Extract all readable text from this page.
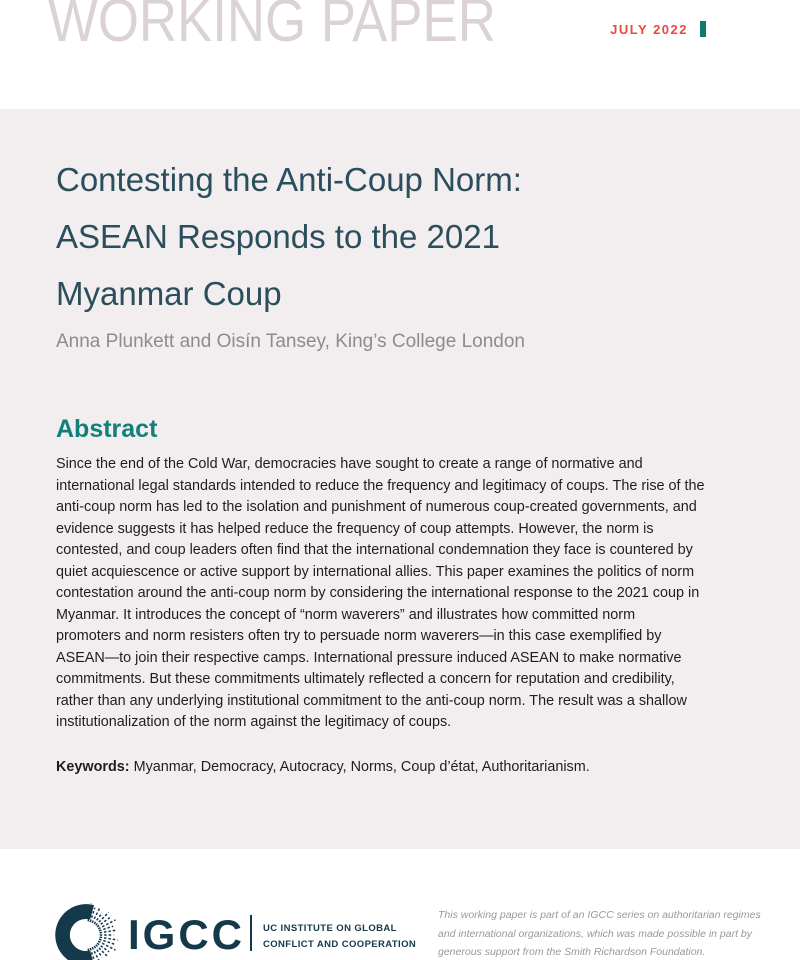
WORKING PAPER	JULY 2022
Contesting the Anti-Coup Norm:
ASEAN Responds to the 2021
Myanmar Coup

Anna Plunkett and Oisín Tansey, King’s College London

Abstract
Since the end of the Cold War, democracies have sought to create a range of normative and
international legal standards intended to reduce the frequency and legitimacy of coups. The rise of the
anti-coup norm has led to the isolation and punishment of numerous coup-created governments, and
evidence suggests it has helped reduce the frequency of coup attempts. However, the norm is
contested, and coup leaders often find that the international condemnation they face is countered by
quiet acquiescence or active support by international allies. This paper examines the politics of norm
contestation around the anti-coup norm by considering the international response to the 2021 coup in
Myanmar. It introduces the concept of “norm waverers” and illustrates how committed norm
promoters and norm resisters often try to persuade norm waverers—in this case exemplified by
ASEAN—to join their respective camps. International pressure induced ASEAN to make normative
commitments. But these commitments ultimately reflected a concern for reputation and credibility,
rather than any underlying institutional commitment to the anti-coup norm. The result was a shallow
institutionalization of the norm against the legitimacy of coups.

Keywords: Myanmar, Democracy, Autocracy, Norms, Coup d’état, Authoritarianism.

IGCC UC INSTITUTE ON GLOBAL
CONFLICT AND COOPERATION
This working paper is part of an IGCC series on authoritarian regimes
and international organizations, which was made possible in part by
generous support from the Smith Richardson Foundation.
